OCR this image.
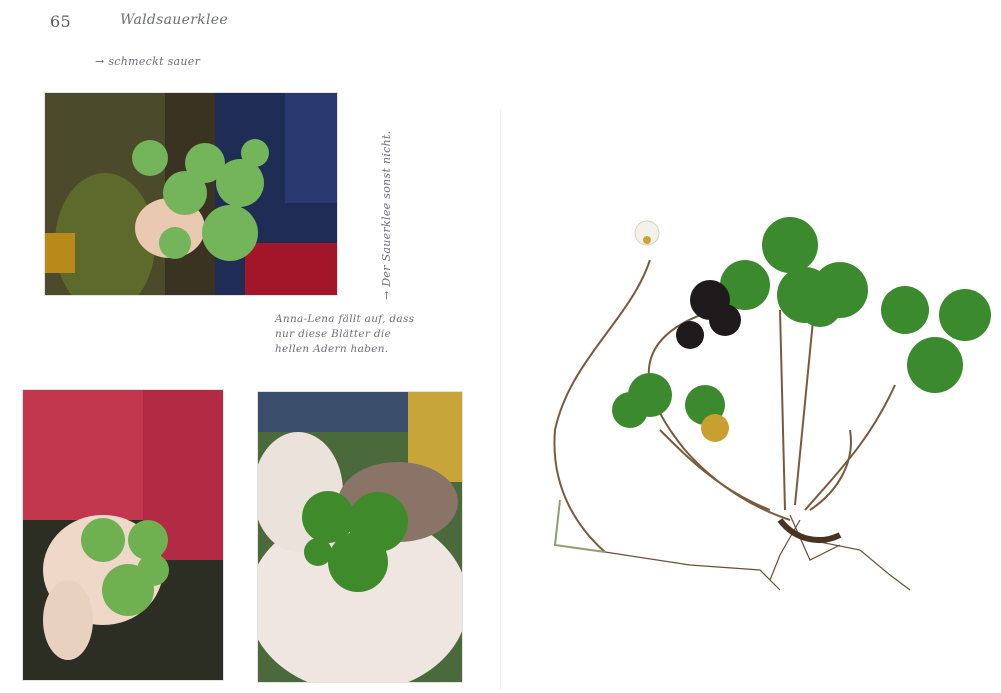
65	Waldsauerklee
→ schmeckt sauer
→ Der Sauerklee sonst nicht.
Anna-Lena fällt auf, dass
nur diese Blätter die
hellen Adern haben.
